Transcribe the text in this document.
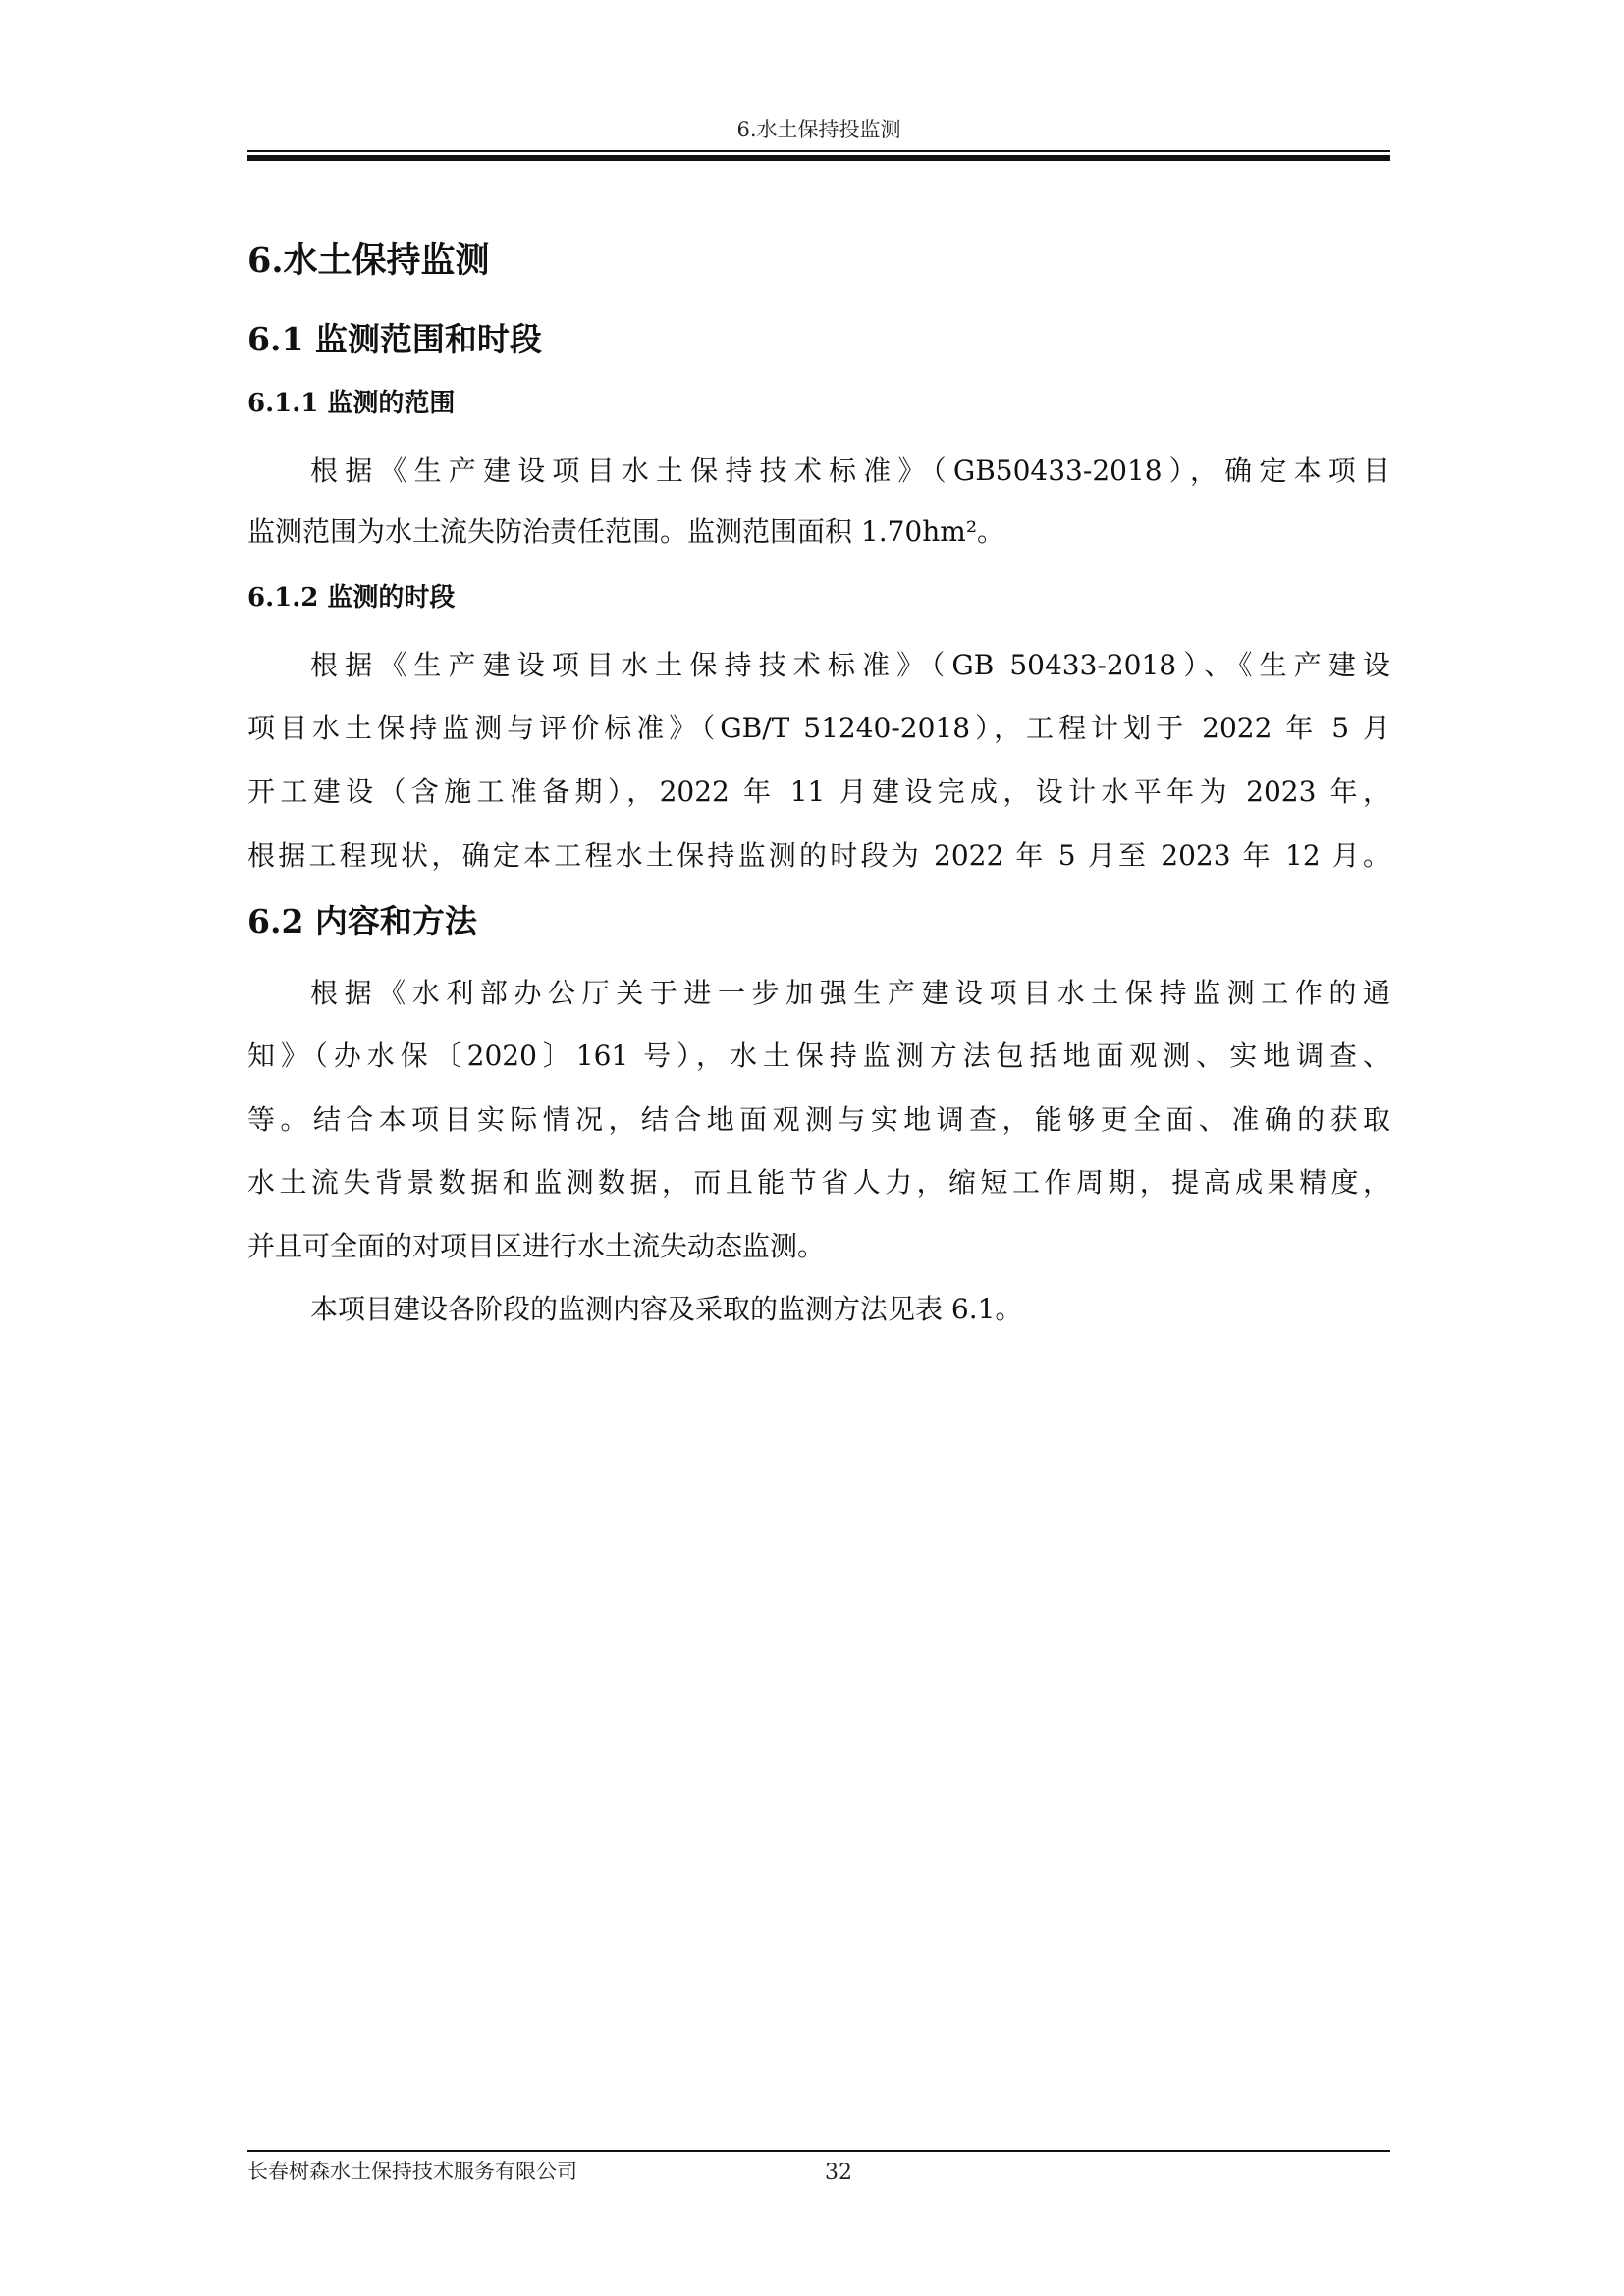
6.水土保持投监测
6.水土保持监测
6.1 监测范围和时段
6.1.1 监测的范围
根据《生产建设项目水土保持技术标准》（GB50433-2018），确定本项目
监测范围为水土流失防治责任范围。监测范围面积 1.70hm²。
6.1.2 监测的时段
根据《生产建设项目水土保持技术标准》（GB 50433-2018）、《生产建设
项目水土保持监测与评价标准》（GB/T 51240-2018），工程计划于 2022 年 5 月
开工建设（含施工准备期），2022 年 11 月建设完成，设计水平年为 2023 年，
根据工程现状，确定本工程水土保持监测的时段为 2022 年 5 月至 2023 年 12 月。
6.2 内容和方法
根据《水利部办公厅关于进一步加强生产建设项目水土保持监测工作的通
知》（办水保〔2020〕161 号），水土保持监测方法包括地面观测、实地调查、
等。结合本项目实际情况，结合地面观测与实地调查，能够更全面、准确的获取
水土流失背景数据和监测数据，而且能节省人力，缩短工作周期，提高成果精度，
并且可全面的对项目区进行水土流失动态监测。
本项目建设各阶段的监测内容及采取的监测方法见表 6.1。
长春树森水土保持技术服务有限公司	32
